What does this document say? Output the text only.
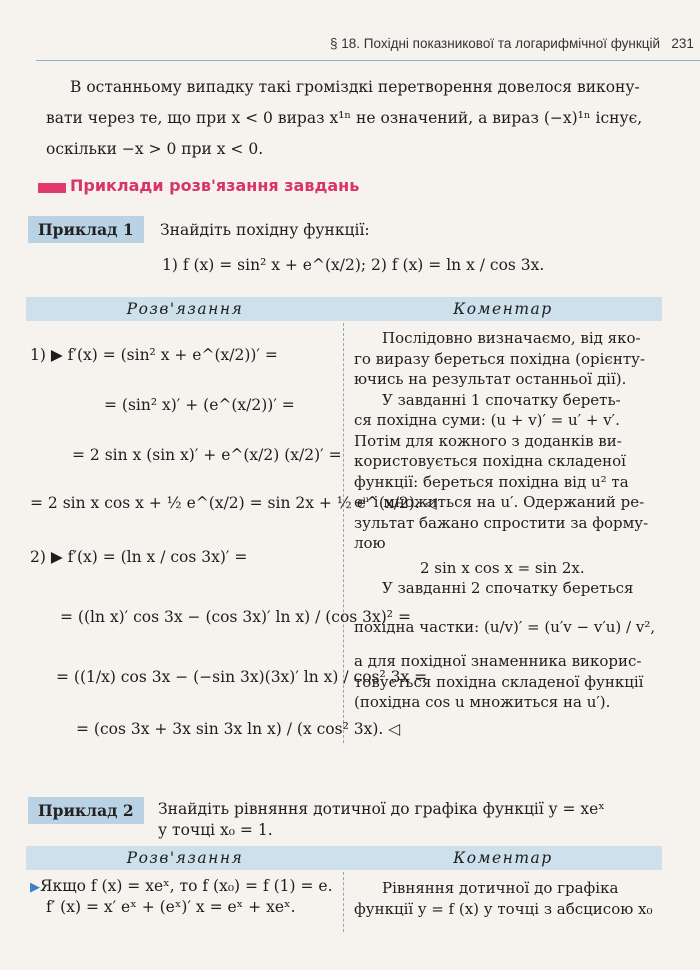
§ 18. Похідні показникової та логарифмічної функцій 231
В останньому випадку такі громіздкі перетворення довелося викону-
вати через те, що при x < 0 вираз x¹ⁿ не означений, а вираз (−x)¹ⁿ існує,
оскільки −x > 0 при x < 0.
Приклади розв'язання завдань
Приклад 1	Знайдіть похідну функції:
1) f (x) = sin² x + e^(x/2); 2) f (x) = ln x / cos 3x.
Розв'язання	Коментар
1) ▶ f′(x) = (sin² x + e^(x/2))′ =
= (sin² x)′ + (e^(x/2))′ =
= 2 sin x (sin x)′ + e^(x/2) (x/2)′ =
= 2 sin x cos x + ½ e^(x/2) = sin 2x + ½ e^(x/2). ◁
2) ▶ f′(x) = (ln x / cos 3x)′ =
= ((ln x)′ cos 3x − (cos 3x)′ ln x) / (cos 3x)² =
= ((1/x) cos 3x − (−sin 3x)(3x)′ ln x) / cos² 3x =
= (cos 3x + 3x sin 3x ln x) / (x cos² 3x). ◁
Послідовно визначаємо, від яко-
го виразу береться похідна (орієнту-
ючись на результат останньої дії).
У завданні 1 спочатку береть-
ся похідна суми: (u + v)′ = u′ + v′.
Потім для кожного з доданків ви-
користовується похідна складеної
функції: береться похідна від u² та
eᵘ і множиться на u′. Одержаний ре-
зультат бажано спростити за форму-
лою
2 sin x cos x = sin 2x.
У завданні 2 спочатку береться
похідна частки: (u/v)′ = (u′v − v′u) / v²,
а для похідної знаменника викорис-
товується похідна складеної функції
(похідна cos u множиться на u′).
Приклад 2	Знайдіть рівняння дотичної до графіка функції y = xeˣ
у точці x₀ = 1.
Розв'язання	Коментар
▶Якщо f (x) = xeˣ, то f (x₀) = f (1) = e.
f′ (x) = x′ eˣ + (eˣ)′ x = eˣ + xeˣ.
Рівняння дотичної до графіка
функції y = f (x) у точці з абсцисою x₀
